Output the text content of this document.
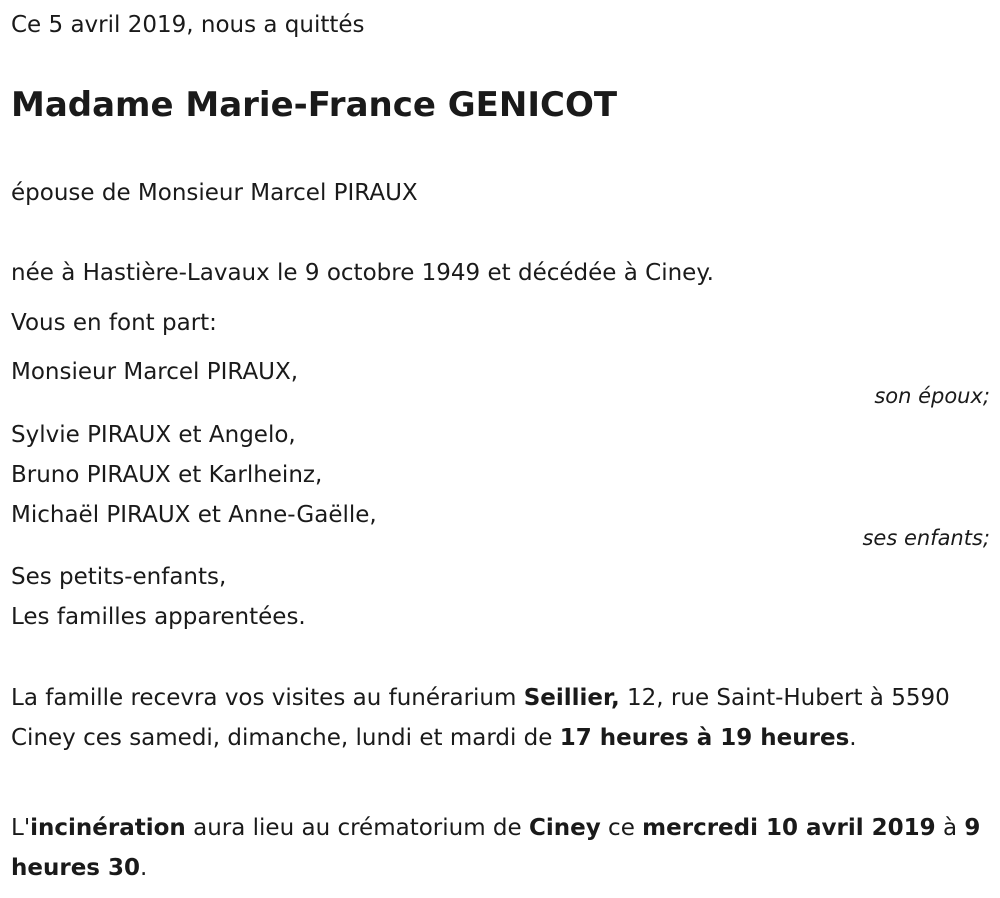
Ce 5 avril 2019, nous a quittés
Madame Marie-France GENICOT
épouse de Monsieur Marcel PIRAUX
née à Hastière-Lavaux le 9 octobre 1949 et décédée à Ciney.
Vous en font part:
Monsieur Marcel PIRAUX,
son époux;
Sylvie PIRAUX et Angelo,
Bruno PIRAUX et Karlheinz,
Michaël PIRAUX et Anne-Gaëlle,
ses enfants;
Ses petits-enfants,
Les familles apparentées.
La famille recevra vos visites au funérarium Seillier, 12, rue Saint-Hubert à 5590 Ciney ces samedi, dimanche, lundi et mardi de 17 heures à 19 heures.
L'incinération aura lieu au crématorium de Ciney ce mercredi 10 avril 2019 à 9 heures 30.
